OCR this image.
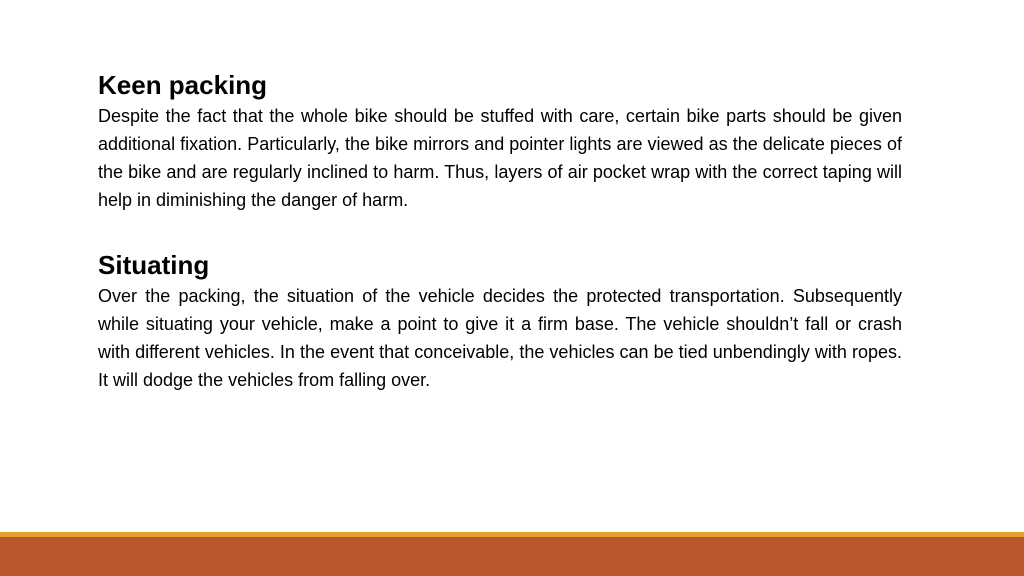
Keen packing

Despite the fact that the whole bike should be stuffed with care, certain bike parts should be given additional fixation. Particularly, the bike mirrors and pointer lights are viewed as the delicate pieces of the bike and are regularly inclined to harm. Thus, layers of air pocket wrap with the correct taping will help in diminishing the danger of harm.

Situating

Over the packing, the situation of the vehicle decides the protected transportation. Subsequently while situating your vehicle, make a point to give it a firm base. The vehicle shouldn’t fall or crash with different vehicles. In the event that conceivable, the vehicles can be tied unbendingly with ropes. It will dodge the vehicles from falling over.
